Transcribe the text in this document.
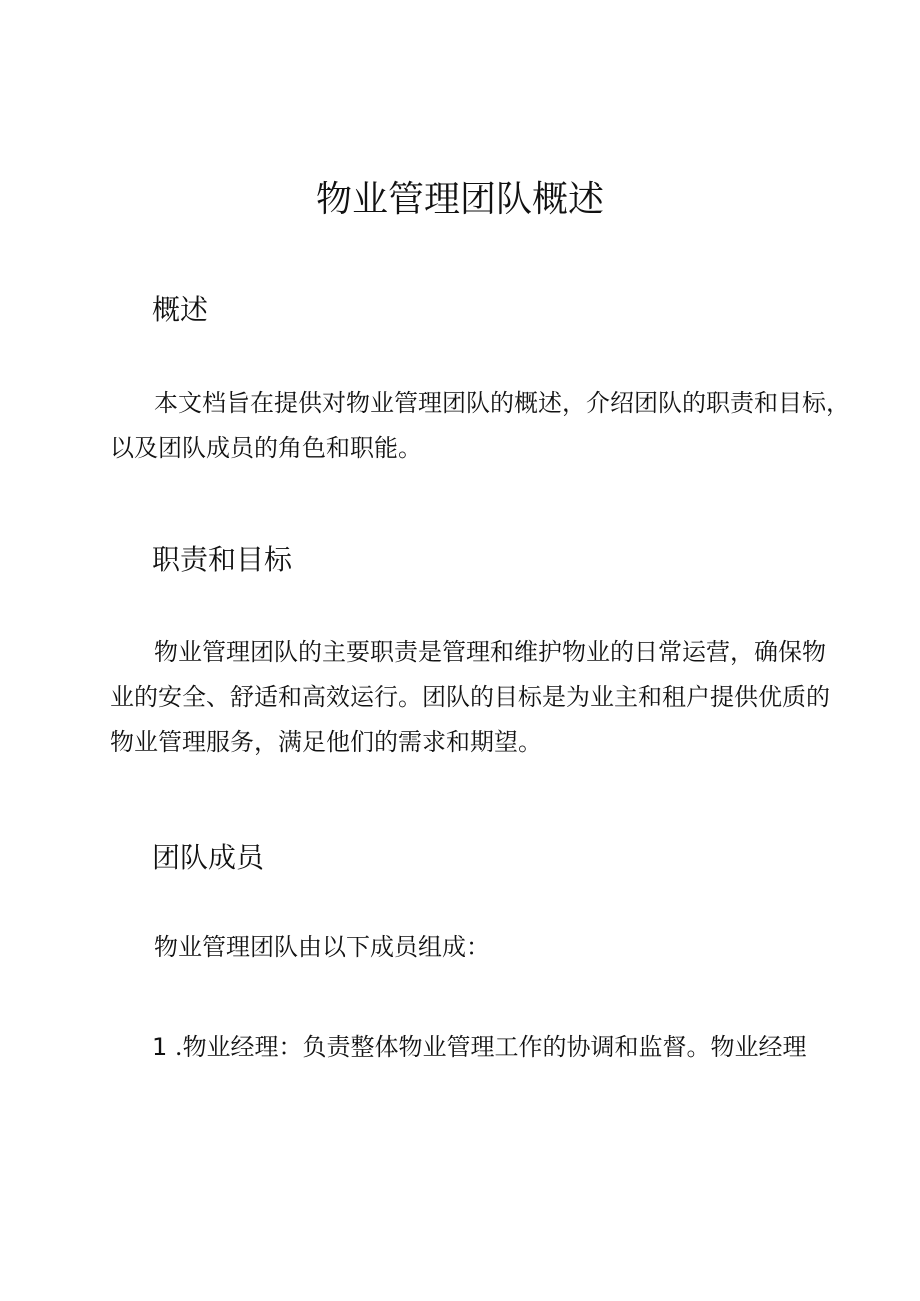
物业管理团队概述
概述
本文档旨在提供对物业管理团队的概述，介绍团队的职责和目标，
以及团队成员的角色和职能。
职责和目标
物业管理团队的主要职责是管理和维护物业的日常运营，确保物
业的安全、舒适和高效运行。团队的目标是为业主和租户提供优质的
物业管理服务，满足他们的需求和期望。
团队成员
物业管理团队由以下成员组成：
1 .物业经理：负责整体物业管理工作的协调和监督。物业经理
